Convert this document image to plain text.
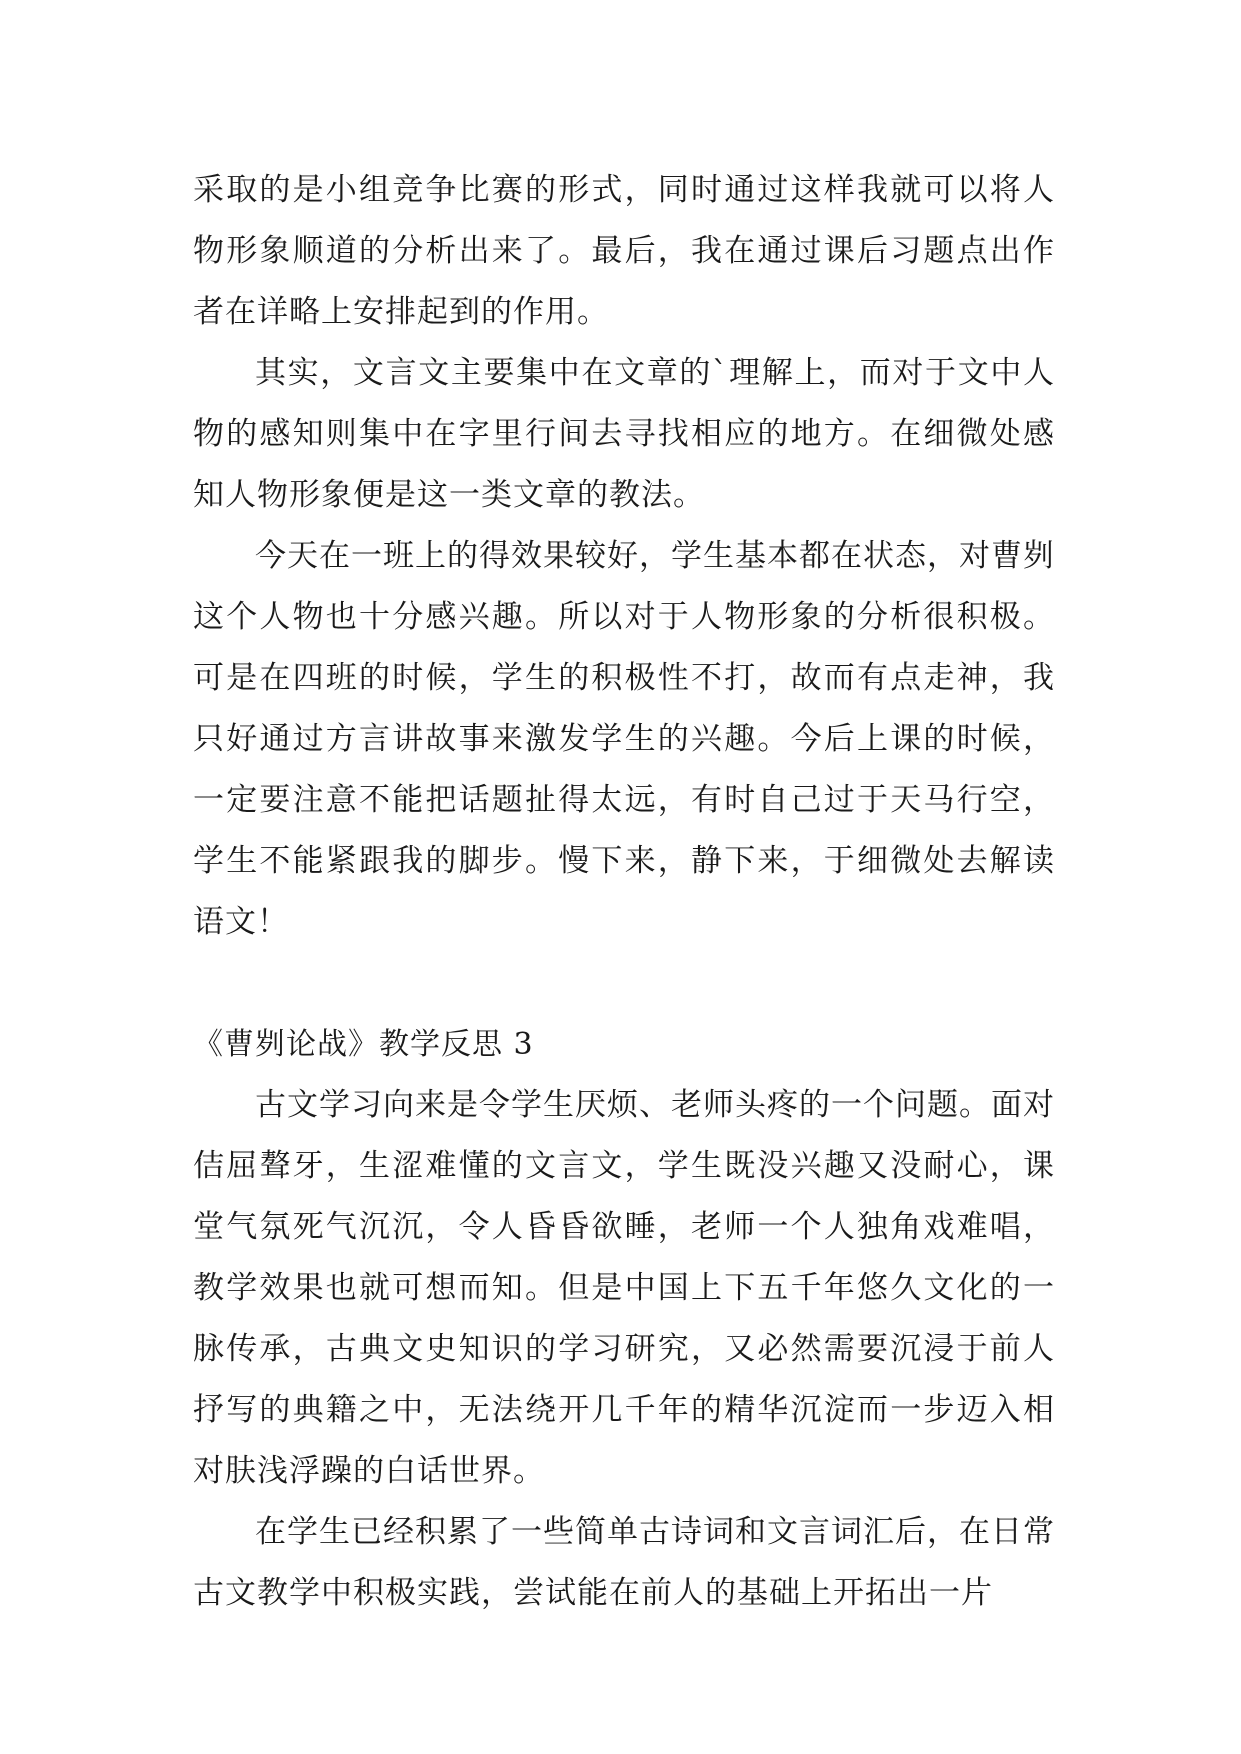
采取的是小组竞争比赛的形式，同时通过这样我就可以将人物形象顺道的分析出来了。最后，我在通过课后习题点出作者在详略上安排起到的作用。

其实，文言文主要集中在文章的`理解上，而对于文中人物的感知则集中在字里行间去寻找相应的地方。在细微处感知人物形象便是这一类文章的教法。

今天在一班上的得效果较好，学生基本都在状态，对曹刿这个人物也十分感兴趣。所以对于人物形象的分析很积极。可是在四班的时候，学生的积极性不打，故而有点走神，我只好通过方言讲故事来激发学生的兴趣。今后上课的时候，一定要注意不能把话题扯得太远，有时自己过于天马行空，学生不能紧跟我的脚步。慢下来，静下来，于细微处去解读语文！

《曹刿论战》教学反思 3

古文学习向来是令学生厌烦、老师头疼的一个问题。面对佶屈聱牙，生涩难懂的文言文，学生既没兴趣又没耐心，课堂气氛死气沉沉，令人昏昏欲睡，老师一个人独角戏难唱，教学效果也就可想而知。但是中国上下五千年悠久文化的一脉传承，古典文史知识的学习研究，又必然需要沉浸于前人抒写的典籍之中，无法绕开几千年的精华沉淀而一步迈入相对肤浅浮躁的白话世界。

在学生已经积累了一些简单古诗词和文言词汇后，在日常古文教学中积极实践，尝试能在前人的基础上开拓出一片
